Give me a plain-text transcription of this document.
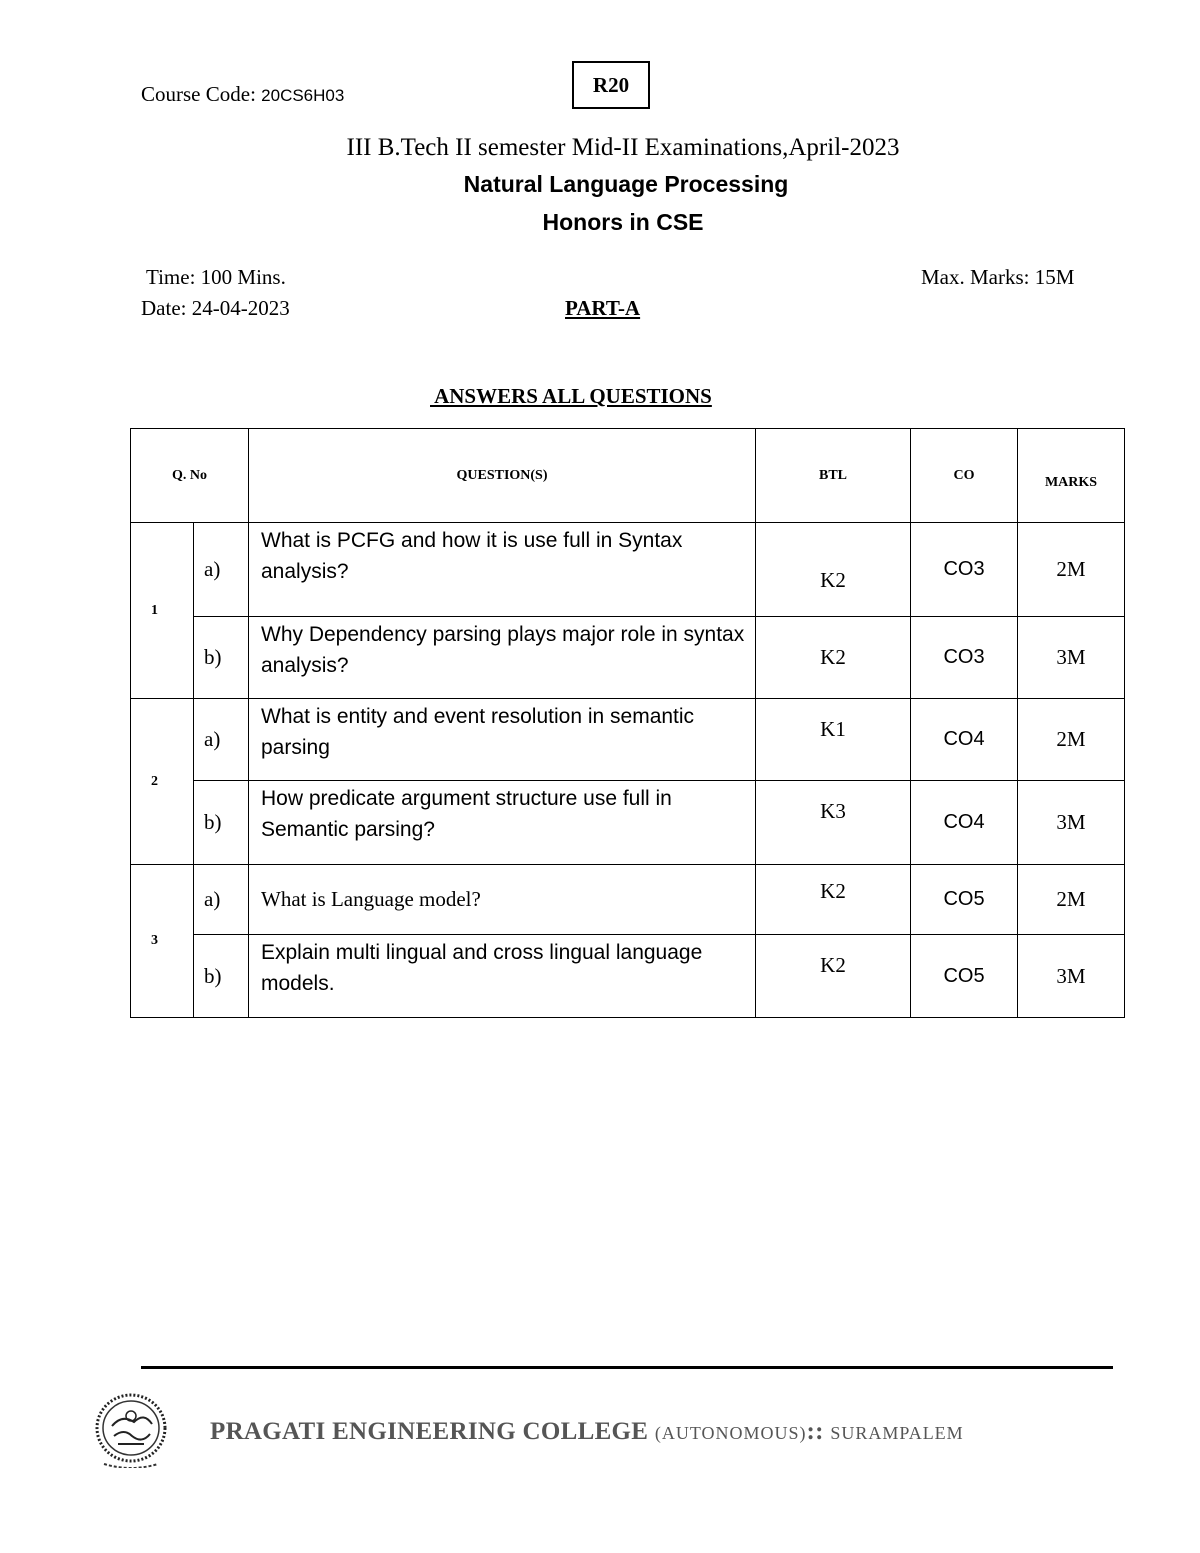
Course Code: 20CS6H03	R20
III B.Tech II semester Mid-II Examinations,April-2023
Natural Language Processing
Honors in CSE
Time: 100 Mins.	Max. Marks: 15M
Date: 24-04-2023	PART-A
ANSWERS ALL QUESTIONS
Q. No		QUESTION(S)	BTL	CO	MARKS
1	a)	What is PCFG and how it is use full in Syntax analysis?	K2	CO3	2M
	b)	Why Dependency parsing plays major role in syntax analysis?	K2	CO3	3M
2	a)	What is entity and event resolution in semantic parsing	K1	CO4	2M
	b)	How predicate argument structure use full in Semantic parsing?	K3	CO4	3M
3	a)	What is Language model?	K2	CO5	2M
	b)	Explain multi lingual and cross lingual language models.	K2	CO5	3M
PRAGATI ENGINEERING COLLEGE (AUTONOMOUS):: SURAMPALEM
